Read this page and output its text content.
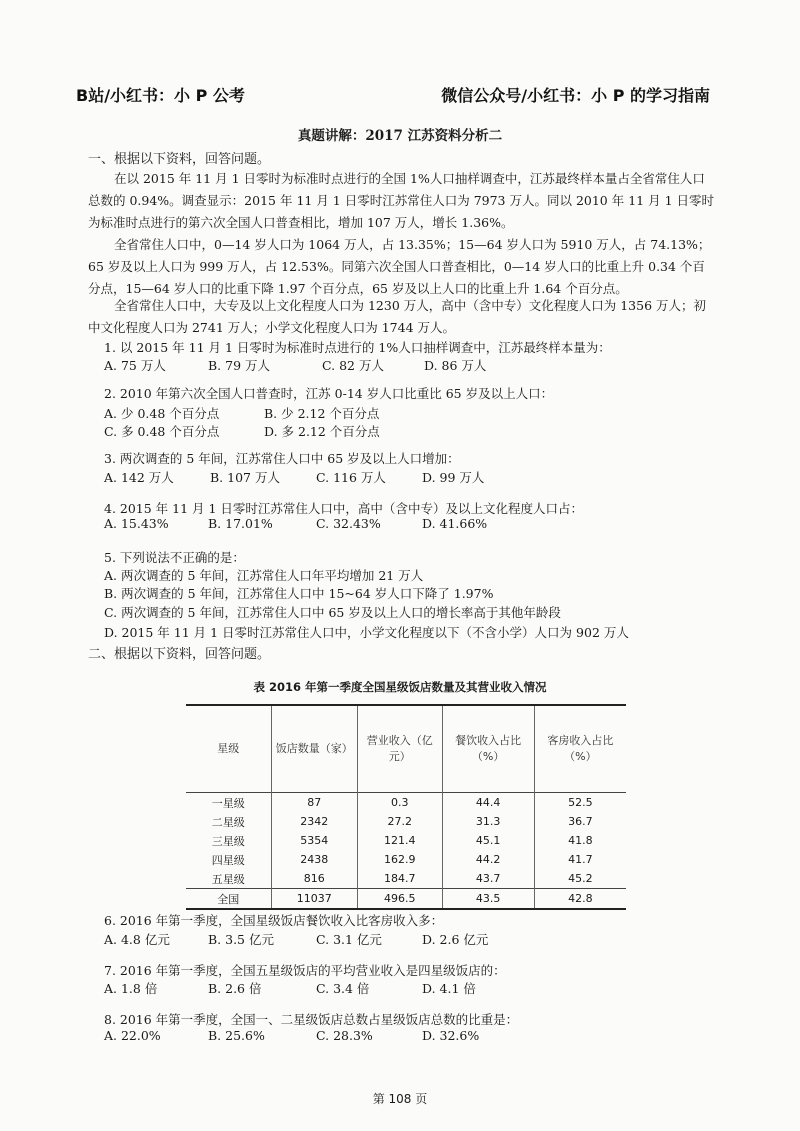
B站/小红书：小 P 公考	微信公众号/小红书：小 P 的学习指南
真题讲解：2017 江苏资料分析二
一、根据以下资料，回答问题。
在以 2015 年 11 月 1 日零时为标准时点进行的全国 1%人口抽样调查中，江苏最终样本量占全省常住人口总数的 0.94%。调查显示：2015 年 11 月 1 日零时江苏常住人口为 7973 万人。同以 2010 年 11 月 1 日零时为标准时点进行的第六次全国人口普查相比，增加 107 万人，增长 1.36%。
全省常住人口中，0—14 岁人口为 1064 万人，占 13.35%；15—64 岁人口为 5910 万人，占 74.13%；65 岁及以上人口为 999 万人，占 12.53%。同第六次全国人口普查相比，0—14 岁人口的比重上升 0.34 个百分点，15—64 岁人口的比重下降 1.97 个百分点，65 岁及以上人口的比重上升 1.64 个百分点。
全省常住人口中，大专及以上文化程度人口为 1230 万人，高中（含中专）文化程度人口为 1356 万人；初中文化程度人口为 2741 万人；小学文化程度人口为 1744 万人。
1. 以 2015 年 11 月 1 日零时为标准时点进行的 1%人口抽样调查中，江苏最终样本量为：
A. 75 万人	B. 79 万人	C. 82 万人	D. 86 万人
2. 2010 年第六次全国人口普查时，江苏 0-14 岁人口比重比 65 岁及以上人口：
A. 少 0.48 个百分点	B. 少 2.12 个百分点
C. 多 0.48 个百分点	D. 多 2.12 个百分点
3. 两次调查的 5 年间，江苏常住人口中 65 岁及以上人口增加：
A. 142 万人	B. 107 万人	C. 116 万人	D. 99 万人
4. 2015 年 11 月 1 日零时江苏常住人口中，高中（含中专）及以上文化程度人口占：
A. 15.43%	B. 17.01%	C. 32.43%	D. 41.66%
5. 下列说法不正确的是：
A. 两次调查的 5 年间，江苏常住人口年平均增加 21 万人
B. 两次调查的 5 年间，江苏常住人口中 15~64 岁人口下降了 1.97%
C. 两次调查的 5 年间，江苏常住人口中 65 岁及以上人口的增长率高于其他年龄段
D. 2015 年 11 月 1 日零时江苏常住人口中，小学文化程度以下（不含小学）人口为 902 万人
二、根据以下资料，回答问题。
表 2016 年第一季度全国星级饭店数量及其营业收入情况
星级	饭店数量（家）	营业收入（亿元）	餐饮收入占比（%）	客房收入占比（%）
一星级	87	0.3	44.4	52.5
二星级	2342	27.2	31.3	36.7
三星级	5354	121.4	45.1	41.8
四星级	2438	162.9	44.2	41.7
五星级	816	184.7	43.7	45.2
全国	11037	496.5	43.5	42.8
6. 2016 年第一季度，全国星级饭店餐饮收入比客房收入多：
A. 4.8 亿元	B. 3.5 亿元	C. 3.1 亿元	D. 2.6 亿元
7. 2016 年第一季度，全国五星级饭店的平均营业收入是四星级饭店的：
A. 1.8 倍	B. 2.6 倍	C. 3.4 倍	D. 4.1 倍
8. 2016 年第一季度，全国一、二星级饭店总数占星级饭店总数的比重是：
A. 22.0%	B. 25.6%	C. 28.3%	D. 32.6%
第 108 页
